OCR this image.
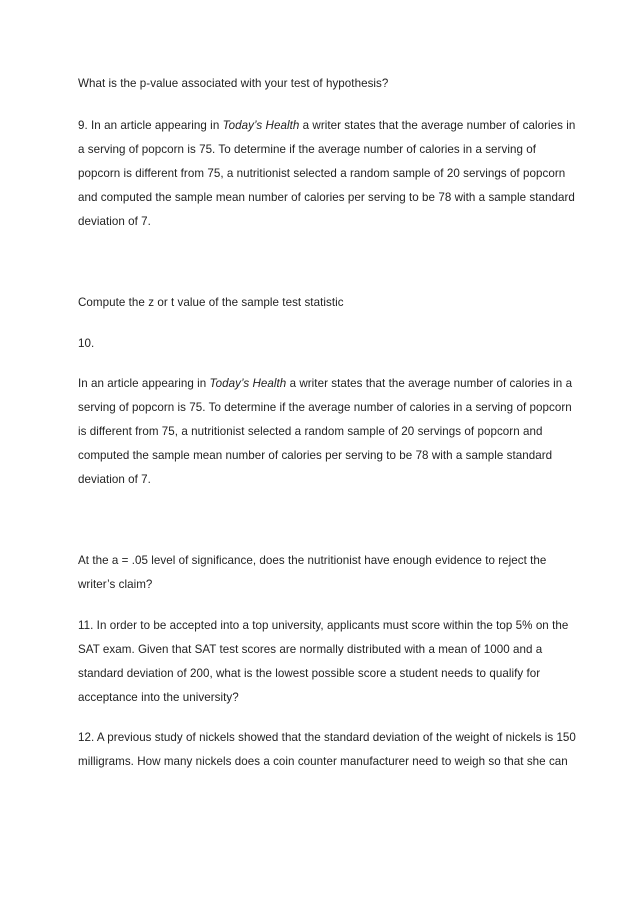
What is the p-value associated with your test of hypothesis?
9. In an article appearing in Today’s Health a writer states that the average number of calories in
a serving of popcorn is 75. To determine if the average number of calories in a serving of
popcorn is different from 75, a nutritionist selected a random sample of 20 servings of popcorn
and computed the sample mean number of calories per serving to be 78 with a sample standard
deviation of 7.
Compute the z or t value of the sample test statistic
10.
In an article appearing in Today’s Health a writer states that the average number of calories in a
serving of popcorn is 75. To determine if the average number of calories in a serving of popcorn
is different from 75, a nutritionist selected a random sample of 20 servings of popcorn and
computed the sample mean number of calories per serving to be 78 with a sample standard
deviation of 7.
At the a = .05 level of significance, does the nutritionist have enough evidence to reject the
writer’s claim?
11. In order to be accepted into a top university, applicants must score within the top 5% on the
SAT exam. Given that SAT test scores are normally distributed with a mean of 1000 and a
standard deviation of 200, what is the lowest possible score a student needs to qualify for
acceptance into the university?
12. A previous study of nickels showed that the standard deviation of the weight of nickels is 150
milligrams. How many nickels does a coin counter manufacturer need to weigh so that she can
